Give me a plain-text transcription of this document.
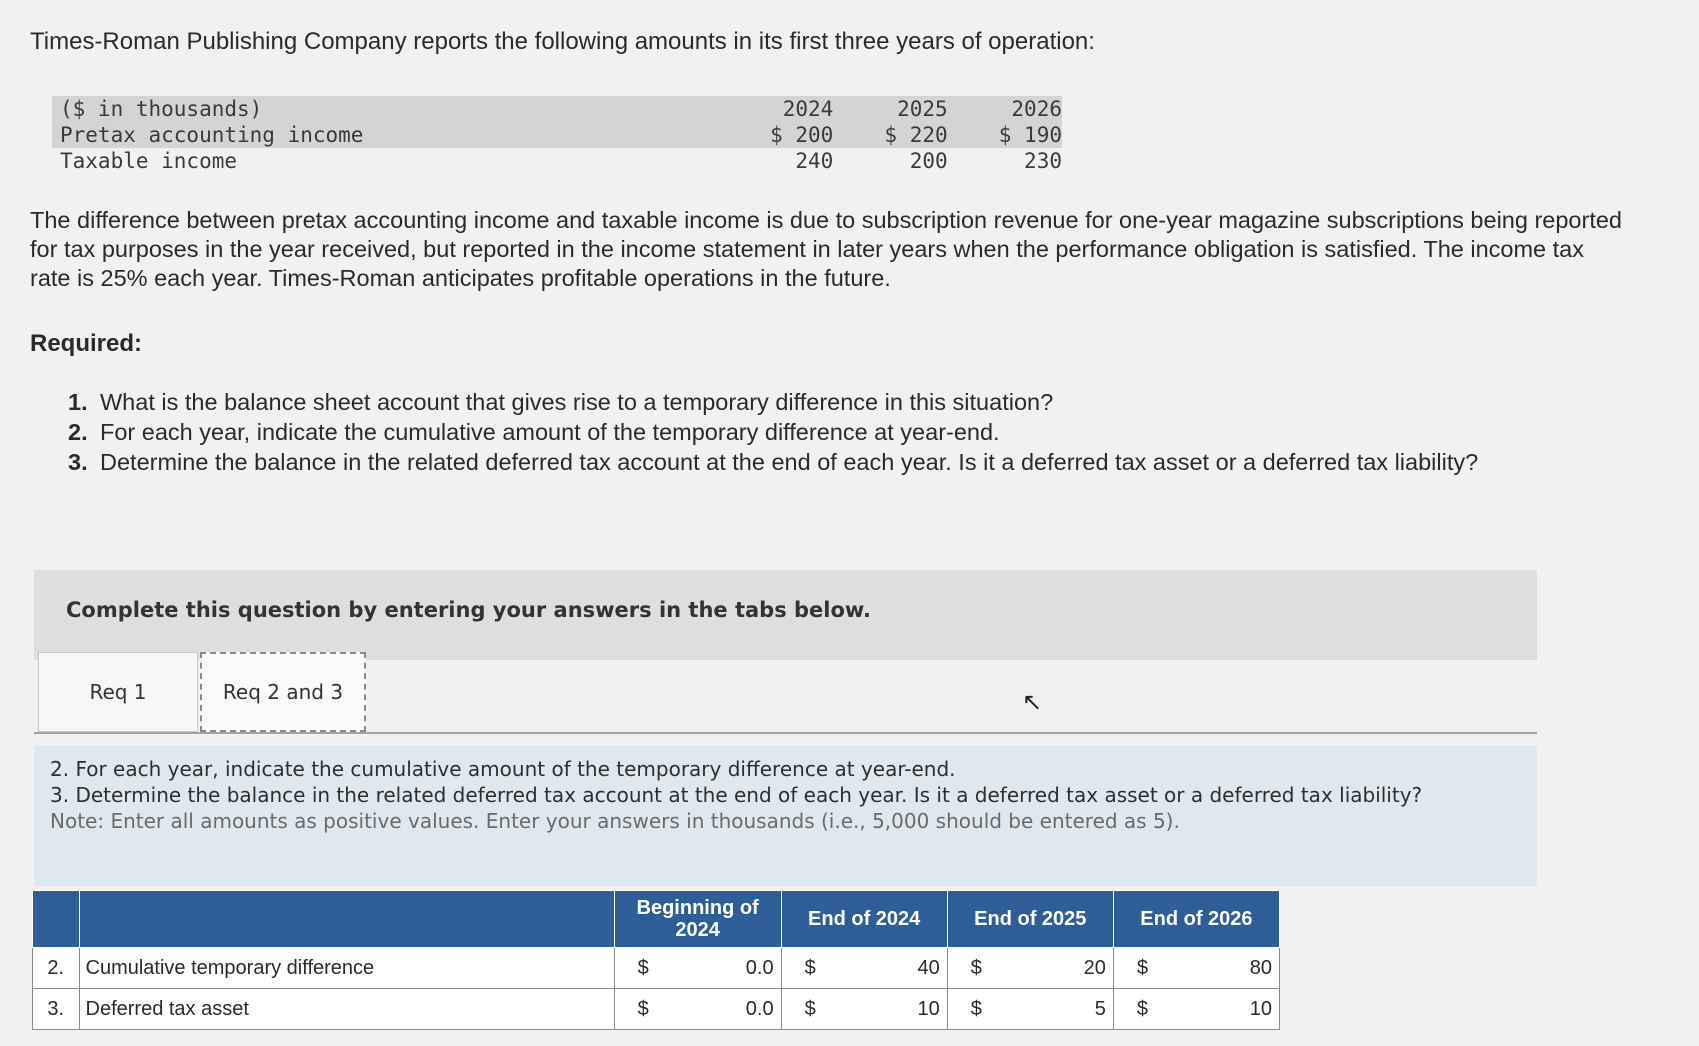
Times-Roman Publishing Company reports the following amounts in its first three years of operation:
($ in thousands)	2024	2025	2026
Pretax accounting income	$ 200	$ 220	$ 190
Taxable income	240	200	230
The difference between pretax accounting income and taxable income is due to subscription revenue for one-year magazine subscriptions being reported for tax purposes in the year received, but reported in the income statement in later years when the performance obligation is satisfied. The income tax rate is 25% each year. Times-Roman anticipates profitable operations in the future.
Required:
1. What is the balance sheet account that gives rise to a temporary difference in this situation?
2. For each year, indicate the cumulative amount of the temporary difference at year-end.
3. Determine the balance in the related deferred tax account at the end of each year. Is it a deferred tax asset or a deferred tax liability?
Complete this question by entering your answers in the tabs below.
Req 1	Req 2 and 3	↖
2. For each year, indicate the cumulative amount of the temporary difference at year-end.
3. Determine the balance in the related deferred tax account at the end of each year. Is it a deferred tax asset or a deferred tax liability?
Note: Enter all amounts as positive values. Enter your answers in thousands (i.e., 5,000 should be entered as 5).
		Beginning of 2024	End of 2024	End of 2025	End of 2026
2.	Cumulative temporary difference	$ 0.0	$ 40	$ 20	$ 80

3.	Deferred tax asset	$ 0.0	$ 10	$ 5	$ 10
